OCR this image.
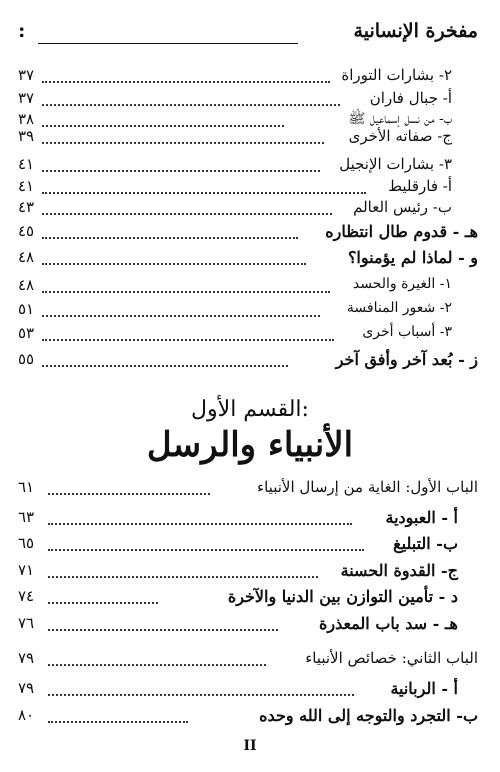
مفخرة الإنسانية
:
٢- بشارات التوراة
٣٧
أ- جبال فاران
٣٧
ب- من نسل إسماعيل ﷺ
٣٨
ج- صفاته الأخرى
٣٩
٣- بشارات الإنجيل
٤١
أ- فارقليط
٤١
ب- رئيس العالم
٤٣
هـ - قدوم طال انتظاره
٤٥
و - لماذا لم يؤمنوا؟
٤٨
١- الغيرة والحسد
٤٨
٢- شعور المنافسة
٥١
٣- أسباب أخرى
٥٣
ز - بُعد آخر وأفق آخر
٥٥
القسم الأول:
الأنبياء والرسل
الباب الأول: الغاية من إرسال الأنبياء
٦١
أ - العبودية
٦٣
ب- التبليغ
٦٥
ج- القدوة الحسنة
٧١
د - تأمين التوازن بين الدنيا والآخرة
٧٤
هـ - سد باب المعذرة
٧٦
الباب الثاني: خصائص الأنبياء
٧٩
أ - الربانية
٧٩
ب- التجرد والتوجه إلى الله وحده
٨٠
II
